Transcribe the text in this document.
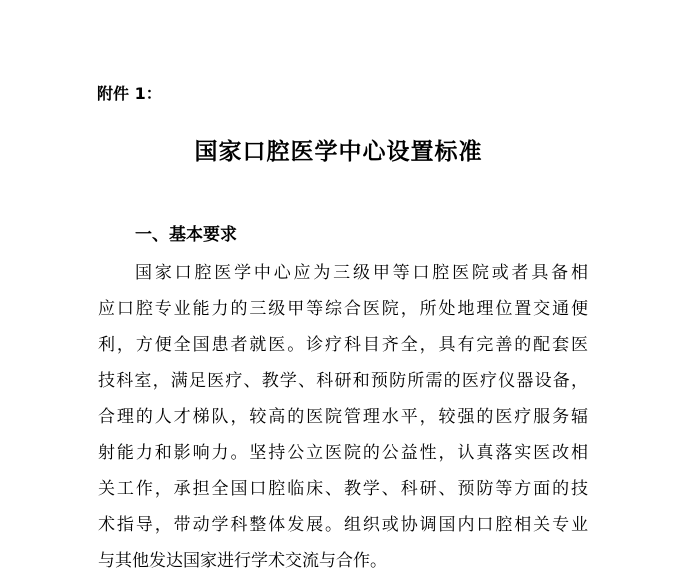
附件 1：
国家口腔医学中心设置标准
一、基本要求
国家口腔医学中心应为三级甲等口腔医院或者具备相
应口腔专业能力的三级甲等综合医院，所处地理位置交通便
利，方便全国患者就医。诊疗科目齐全，具有完善的配套医
技科室，满足医疗、教学、科研和预防所需的医疗仪器设备，
合理的人才梯队，较高的医院管理水平，较强的医疗服务辐
射能力和影响力。坚持公立医院的公益性，认真落实医改相
关工作，承担全国口腔临床、教学、科研、预防等方面的技
术指导，带动学科整体发展。组织或协调国内口腔相关专业
与其他发达国家进行学术交流与合作。
